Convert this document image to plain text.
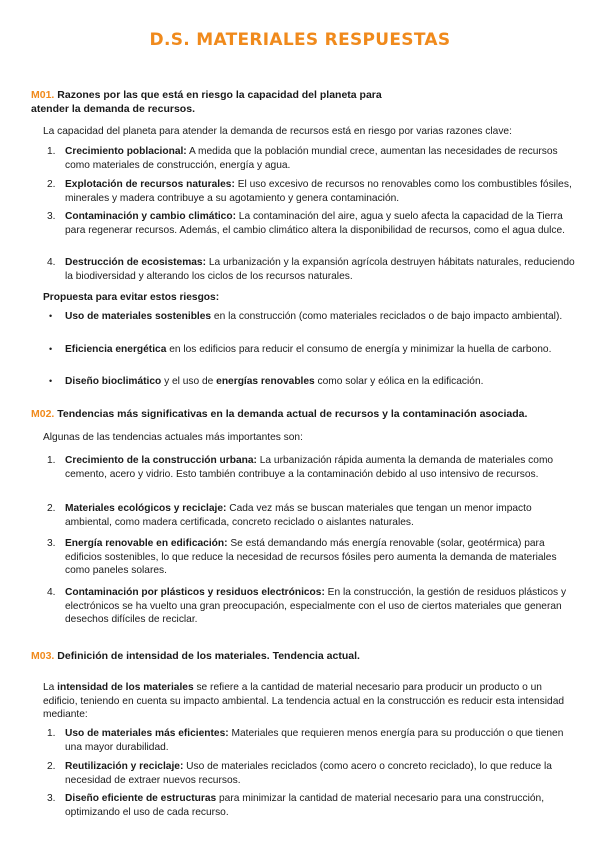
D.S. MATERIALES RESPUESTAS
M01. Razones por las que está en riesgo la capacidad del planeta para
atender la demanda de recursos.
La capacidad del planeta para atender la demanda de recursos está en riesgo por varias razones clave:
1. Crecimiento poblacional: A medida que la población mundial crece, aumentan las necesidades de recursos como materiales de construcción, energía y agua.
2. Explotación de recursos naturales: El uso excesivo de recursos no renovables como los combustibles fósiles, minerales y madera contribuye a su agotamiento y genera contaminación.
3. Contaminación y cambio climático: La contaminación del aire, agua y suelo afecta la capacidad de la Tierra para regenerar recursos. Además, el cambio climático altera la disponibilidad de recursos, como el agua dulce.
4. Destrucción de ecosistemas: La urbanización y la expansión agrícola destruyen hábitats naturales, reduciendo la biodiversidad y alterando los ciclos de los recursos naturales.
Propuesta para evitar estos riesgos:
•	Uso de materiales sostenibles en la construcción (como materiales reciclados o de bajo impacto ambiental).
•	Eficiencia energética en los edificios para reducir el consumo de energía y minimizar la huella de carbono.
•	Diseño bioclimático y el uso de energías renovables como solar y eólica en la edificación.
M02. Tendencias más significativas en la demanda actual de recursos y la contaminación asociada.
Algunas de las tendencias actuales más importantes son:
1. Crecimiento de la construcción urbana: La urbanización rápida aumenta la demanda de materiales como cemento, acero y vidrio. Esto también contribuye a la contaminación debido al uso intensivo de recursos.
2. Materiales ecológicos y reciclaje: Cada vez más se buscan materiales que tengan un menor impacto ambiental, como madera certificada, concreto reciclado o aislantes naturales.
3. Energía renovable en edificación: Se está demandando más energía renovable (solar, geotérmica) para edificios sostenibles, lo que reduce la necesidad de recursos fósiles pero aumenta la demanda de materiales como paneles solares.
4. Contaminación por plásticos y residuos electrónicos: En la construcción, la gestión de residuos plásticos y electrónicos se ha vuelto una gran preocupación, especialmente con el uso de ciertos materiales que generan desechos difíciles de reciclar.
M03. Definición de intensidad de los materiales. Tendencia actual.
La intensidad de los materiales se refiere a la cantidad de material necesario para producir un producto o un edificio, teniendo en cuenta su impacto ambiental. La tendencia actual en la construcción es reducir esta intensidad mediante:
1. Uso de materiales más eficientes: Materiales que requieren menos energía para su producción o que tienen una mayor durabilidad.
2. Reutilización y reciclaje: Uso de materiales reciclados (como acero o concreto reciclado), lo que reduce la necesidad de extraer nuevos recursos.
3. Diseño eficiente de estructuras para minimizar la cantidad de material necesario para una construcción, optimizando el uso de cada recurso.
